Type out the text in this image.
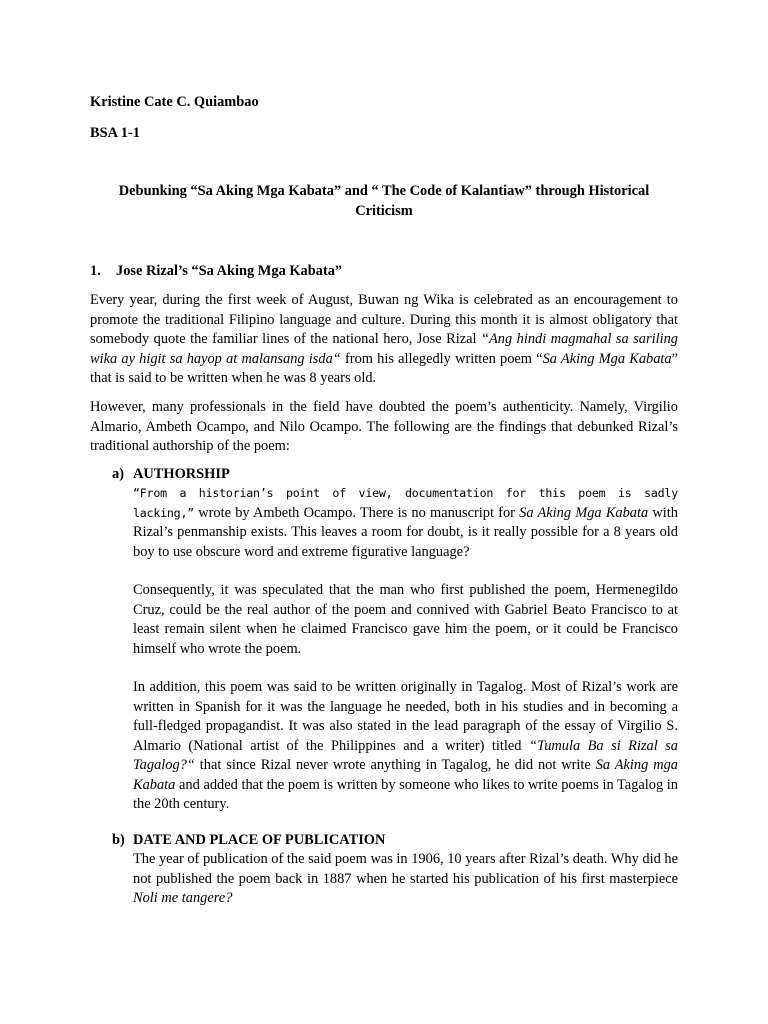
Kristine Cate C. Quiambao

BSA 1-1

Debunking “Sa Aking Mga Kabata” and “ The Code of Kalantiaw” through Historical
Criticism

1. Jose Rizal’s “Sa Aking Mga Kabata”

Every year, during the first week of August, Buwan ng Wika is celebrated as an encouragement to promote the traditional Filipino language and culture. During this month it is almost obligatory that somebody quote the familiar lines of the national hero, Jose Rizal “Ang hindi magmahal sa sariling wika ay higit sa hayop at malansang isda“ from his allegedly written poem “Sa Aking Mga Kabata” that is said to be written when he was 8 years old.

However, many professionals in the field have doubted the poem’s authenticity. Namely, Virgilio Almario, Ambeth Ocampo, and Nilo Ocampo. The following are the findings that debunked Rizal’s traditional authorship of the poem:

a) AUTHORSHIP

“From a historian’s point of view, documentation for this poem is sadly lacking,” wrote by Ambeth Ocampo. There is no manuscript for Sa Aking Mga Kabata with Rizal’s penmanship exists. This leaves a room for doubt, is it really possible for a 8 years old boy to use obscure word and extreme figurative language?

Consequently, it was speculated that the man who first published the poem, Hermenegildo Cruz, could be the real author of the poem and connived with Gabriel Beato Francisco to at least remain silent when he claimed Francisco gave him the poem, or it could be Francisco himself who wrote the poem.

In addition, this poem was said to be written originally in Tagalog. Most of Rizal’s work are written in Spanish for it was the language he needed, both in his studies and in becoming a full-fledged propagandist. It was also stated in the lead paragraph of the essay of Virgilio S. Almario (National artist of the Philippines and a writer) titled “Tumula Ba si Rizal sa Tagalog?“ that since Rizal never wrote anything in Tagalog, he did not write Sa Aking mga Kabata and added that the poem is written by someone who likes to write poems in Tagalog in the 20th century.

b) DATE AND PLACE OF PUBLICATION

The year of publication of the said poem was in 1906, 10 years after Rizal’s death. Why did he not published the poem back in 1887 when he started his publication of his first masterpiece Noli me tangere?
